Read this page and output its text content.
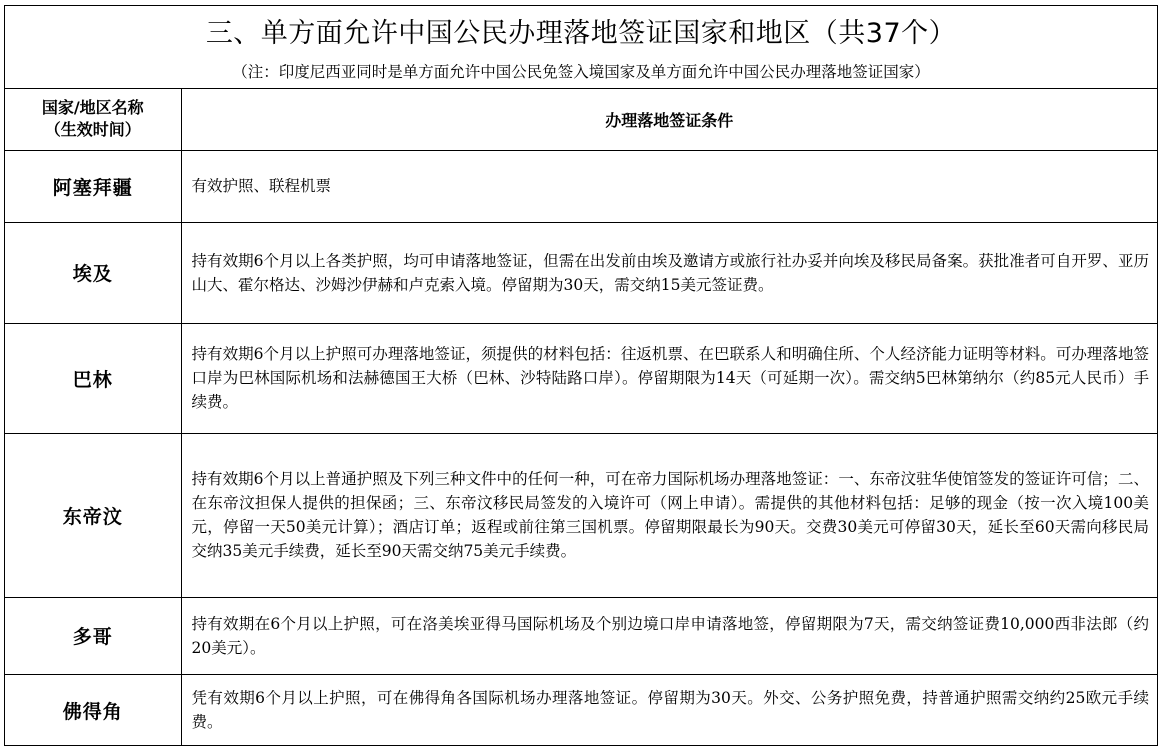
三、单方面允许中国公民办理落地签证国家和地区（共37个）
（注：印度尼西亚同时是单方面允许中国公民免签入境国家及单方面允许中国公民办理落地签证国家）
国家/地区名称
（生效时间）	办理落地签证条件
阿塞拜疆	有效护照、联程机票
埃及	持有效期6个月以上各类护照，均可申请落地签证，但需在出发前由埃及邀请方或旅行社办妥并向埃及移民局备案。获批准者可自开罗、亚历山大、霍尔格达、沙姆沙伊赫和卢克索入境。停留期为30天，需交纳15美元签证费。
巴林	持有效期6个月以上护照可办理落地签证，须提供的材料包括：往返机票、在巴联系人和明确住所、个人经济能力证明等材料。可办理落地签口岸为巴林国际机场和法赫德国王大桥（巴林、沙特陆路口岸）。停留期限为14天（可延期一次）。需交纳5巴林第纳尔（约85元人民币）手续费。
东帝汶	持有效期6个月以上普通护照及下列三种文件中的任何一种，可在帝力国际机场办理落地签证：一、东帝汶驻华使馆签发的签证许可信；二、在东帝汶担保人提供的担保函；三、东帝汶移民局签发的入境许可（网上申请）。需提供的其他材料包括：足够的现金（按一次入境100美元，停留一天50美元计算）；酒店订单；返程或前往第三国机票。停留期限最长为90天。交费30美元可停留30天，延长至60天需向移民局交纳35美元手续费，延长至90天需交纳75美元手续费。
多哥	持有效期在6个月以上护照，可在洛美埃亚得马国际机场及个别边境口岸申请落地签，停留期限为7天，需交纳签证费10,000西非法郎（约20美元）。
佛得角	凭有效期6个月以上护照，可在佛得角各国际机场办理落地签证。停留期为30天。外交、公务护照免费，持普通护照需交纳约25欧元手续费。
